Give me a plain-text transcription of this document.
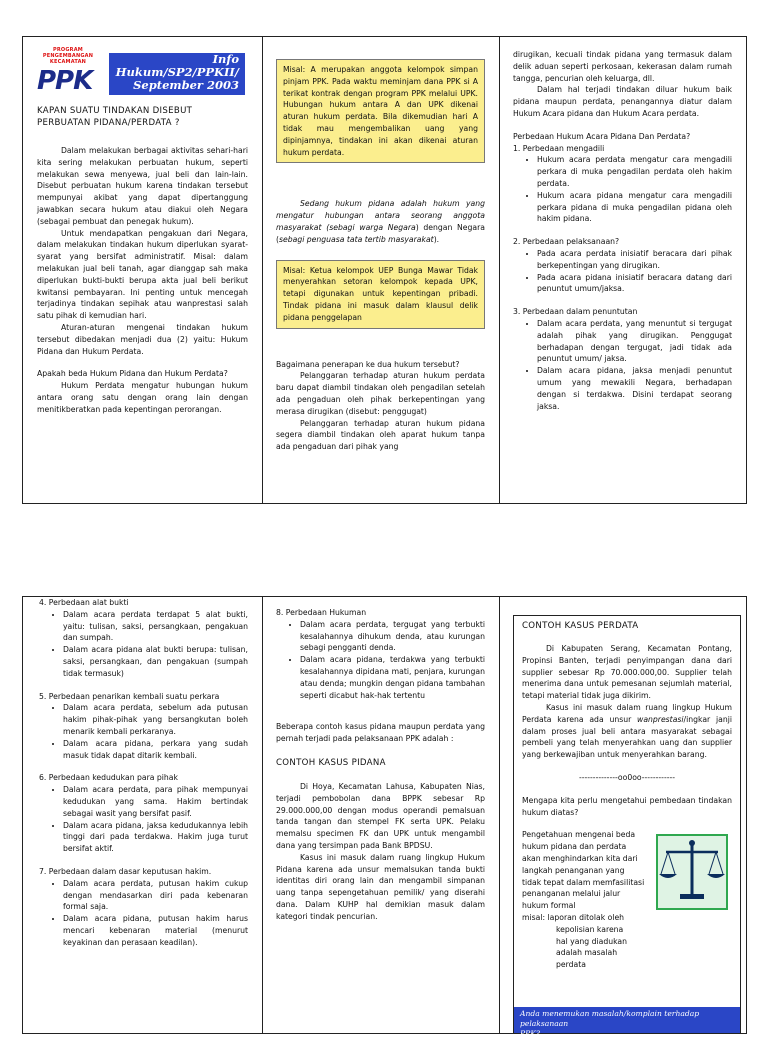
PROGRAM
PENGEMBANGAN
KECAMATAN
PPK
Info
Hukum/SP2/PPKII/
September 2003

KAPAN SUATU TINDAKAN DISEBUT

PERBUATAN PIDANA/PERDATA ?

Dalam melakukan berbagai aktivitas sehari-hari kita sering melakukan perbuatan hukum, seperti melakukan sewa menyewa, jual beli dan lain-lain. Disebut perbuatan hukum karena tindakan tersebut mempunyai akibat yang dapat dipertanggung jawabkan secara hukum atau diakui oleh Negara (sebagai pembuat dan penegak hukum).

Untuk mendapatkan pengakuan dari Negara, dalam melakukan tindakan hukum diperlukan syarat-syarat yang bersifat administratif. Misal: dalam melakukan jual beli tanah, agar dianggap sah maka diperlukan bukti-bukti berupa akta jual beli berikut kwitansi pembayaran. Ini penting untuk mencegah terjadinya tindakan sepihak atau wanprestasi salah satu pihak di kemudian hari.

Aturan-aturan mengenai tindakan hukum tersebut dibedakan menjadi dua (2) yaitu: Hukum Pidana dan Hukum Perdata.

Apakah beda Hukum Pidana dan Hukum Perdata?

Hukum Perdata mengatur hubungan hukum antara orang satu dengan orang lain dengan menitikberatkan pada kepentingan perorangan.

Misal: A merupakan anggota kelompok simpan pinjam PPK. Pada waktu meminjam dana PPK si A terikat kontrak dengan program PPK melalui UPK. Hubungan hukum antara A dan UPK dikenai aturan hukum perdata. Bila dikemudian hari A tidak mau mengembalikan uang yang dipinjamnya, tindakan ini akan dikenai aturan hukum perdata.

Sedang hukum pidana adalah hukum yang mengatur hubungan antara seorang anggota masyarakat (sebagi warga Negara) dengan Negara (sebagi penguasa tata tertib masyarakat).

Misal: Ketua kelompok UEP Bunga Mawar Tidak menyerahkan setoran kelompok kepada UPK, tetapi digunakan untuk kepentingan pribadi. Tindak pidana ini masuk dalam klausul delik pidana penggelapan

Bagaimana penerapan ke dua hukum tersebut?

Pelanggaran terhadap aturan hukum perdata baru dapat diambil tindakan oleh pengadilan setelah ada pengaduan oleh pihak berkepentingan yang merasa dirugikan (disebut: penggugat)

Pelanggaran terhadap aturan hukum pidana segera diambil tindakan oleh aparat hukum tanpa ada pengaduan dari pihak yang

dirugikan, kecuali tindak pidana yang termasuk dalam delik aduan seperti perkosaan, kekerasan dalam rumah tangga, pencurian oleh keluarga, dll.

Dalam hal terjadi tindakan diluar hukum baik pidana maupun perdata, penangannya diatur dalam Hukum Acara pidana dan Hukum Acara perdata.

Perbedaan Hukum Acara Pidana Dan Perdata?

1. Perbedaan mengadili

• Hukum acara perdata mengatur cara mengadili perkara di muka pengadilan perdata oleh hakim perdata.
• Hukum acara pidana mengatur cara mengadili perkara pidana di muka pengadilan pidana oleh hakim pidana.

2. Perbedaan pelaksanaan?

• Pada acara perdata inisiatif beracara dari pihak berkepentingan yang dirugikan.
• Pada acara pidana inisiatif beracara datang dari penuntut umum/jaksa.

3. Perbedaan dalam penuntutan

• Dalam acara perdata, yang menuntut si tergugat adalah pihak yang dirugikan. Penggugat berhadapan dengan tergugat, jadi tidak ada penuntut umum/ jaksa.
• Dalam acara pidana, jaksa menjadi penuntut umum yang mewakili Negara, berhadapan dengan si terdakwa. Disini terdapat seorang jaksa.

4. Perbedaan alat bukti

• Dalam acara perdata terdapat 5 alat bukti, yaitu: tulisan, saksi, persangkaan, pengakuan dan sumpah.
• Dalam acara pidana alat bukti berupa: tulisan, saksi, persangkaan, dan pengakuan (sumpah tidak termasuk)

5. Perbedaan penarikan kembali suatu perkara

• Dalam acara perdata, sebelum ada putusan hakim pihak-pihak yang bersangkutan boleh menarik kembali perkaranya.
• Dalam acara pidana, perkara yang sudah masuk tidak dapat ditarik kembali.

6. Perbedaan kedudukan para pihak

• Dalam acara perdata, para pihak mempunyai kedudukan yang sama. Hakim bertindak sebagai wasit yang bersifat pasif.
• Dalam acara pidana, jaksa kedudukannya lebih tinggi dari pada terdakwa. Hakim juga turut bersifat aktif.

7. Perbedaan dalam dasar keputusan hakim.

• Dalam acara perdata, putusan hakim cukup dengan mendasarkan diri pada kebenaran formal saja.
• Dalam acara pidana, putusan hakim harus mencari kebenaran material (menurut keyakinan dan perasaan keadilan).

8. Perbedaan Hukuman

• Dalam acara perdata, tergugat yang terbukti kesalahannya dihukum denda, atau kurungan sebagi pengganti denda.
• Dalam acara pidana, terdakwa yang terbukti kesalahannya dipidana mati, penjara, kurungan atau denda; mungkin dengan pidana tambahan seperti dicabut hak-hak tertentu

Beberapa contoh kasus pidana maupun perdata yang pernah terjadi pada pelaksanaan PPK adalah :

CONTOH KASUS PIDANA

Di Hoya, Kecamatan Lahusa, Kabupaten Nias, terjadi pembobolan dana BPPK sebesar Rp 29.000.000,00 dengan modus operandi pemalsuan tanda tangan dan stempel FK serta UPK. Pelaku memalsu specimen FK dan UPK untuk mengambil dana yang tersimpan pada Bank BPDSU.

Kasus ini masuk dalam ruang lingkup Hukum Pidana karena ada unsur memalsukan tanda bukti identitas diri orang lain dan mengambil simpanan uang tanpa sepengetahuan pemilik/ yang diserahi dana. Dalam KUHP hal demikian masuk dalam kategori tindak pencurian.

CONTOH KASUS PERDATA

Di Kabupaten Serang, Kecamatan Pontang, Propinsi Banten, terjadi penyimpangan dana dari supplier sebesar Rp 70.000.000,00. Supplier telah menerima dana untuk pemesanan sejumlah material, tetapi material tidak juga dikirim.

Kasus ini masuk dalam ruang lingkup Hukum Perdata karena ada unsur wanprestasi/ingkar janji dalam proses jual beli antara masyarakat sebagai pembeli yang telah menyerahkan uang dan supplier yang berkewajiban untuk menyerahkan barang.

--------------oo0oo------------

Mengapa kita perlu mengetahui pembedaan tindakan hukum diatas?

Pengetahuan mengenai beda hukum pidana dan perdata akan menghindarkan kita dari langkah penanganan yang tidak tepat dalam memfasilitasi penanganan melalui jalur hukum formal

misal: laporan ditolak oleh

kepolisian karena

hal yang diadukan

adalah masalah

perdata

Anda menemukan masalah/komplain terhadap pelaksanaan
PPK?
